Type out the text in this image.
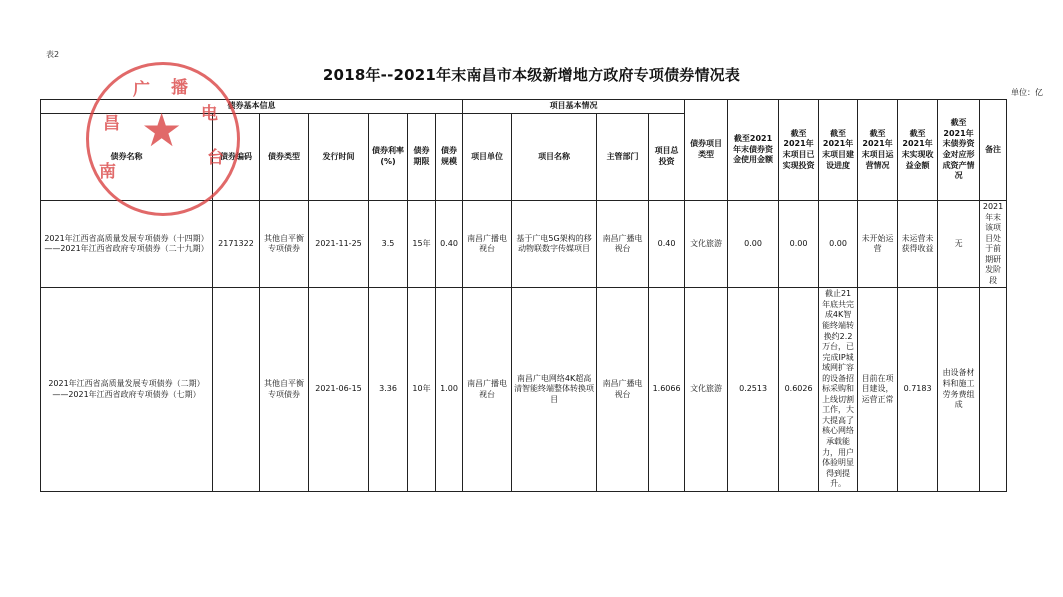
表2
2018年--2021年末南昌市本级新增地方政府专项债券情况表
单位：亿
债券基本信息							项目基本情况				债券项目类型	截至2021年末债券资金使用金额	截至2021年末项目已实现投资	截至2021年末项目建设进度	截至2021年末项目运营情况	截至2021年末实现收益金额	截至2021年末债券资金对应形成资产情况	备注
债券名称	债券编码	债券类型	发行时间	债券利率(%)	债券期限	债券规模	项目单位	项目名称	主管部门	项目总投资								
2021年江西省高质量发展专项债券（十四期）——2021年江西省政府专项债券（二十九期）	2171322	其他自平衡专项债券	2021-11-25	3.5	15年	0.40	南昌广播电视台	基于广电5G架构的移动物联数字传媒项目	南昌广播电视台	0.40	文化旅游	0.00	0.00	0.00	未开始运营	未运营未获得收益	无	2021年末该项目处于前期研发阶段
2021年江西省高质量发展专项债券（二期）——2021年江西省政府专项债券（七期）		其他自平衡专项债券	2021-06-15	3.36	10年	1.00	南昌广播电视台	南昌广电网络4K超高清智能终端整体转换项目	南昌广播电视台	1.6066	文化旅游	0.2513	0.6026	截止21年底共完成4K智能终端转换约2.2万台，已完成IP城域网扩容的设备招标采购和上线切割工作，大大提高了核心网络承载能力，用户体验明显得到提升。	目前在项目建设，运营正常	0.7183	由设备材料和施工劳务费组成	
南
昌
广 播
电
台
★
